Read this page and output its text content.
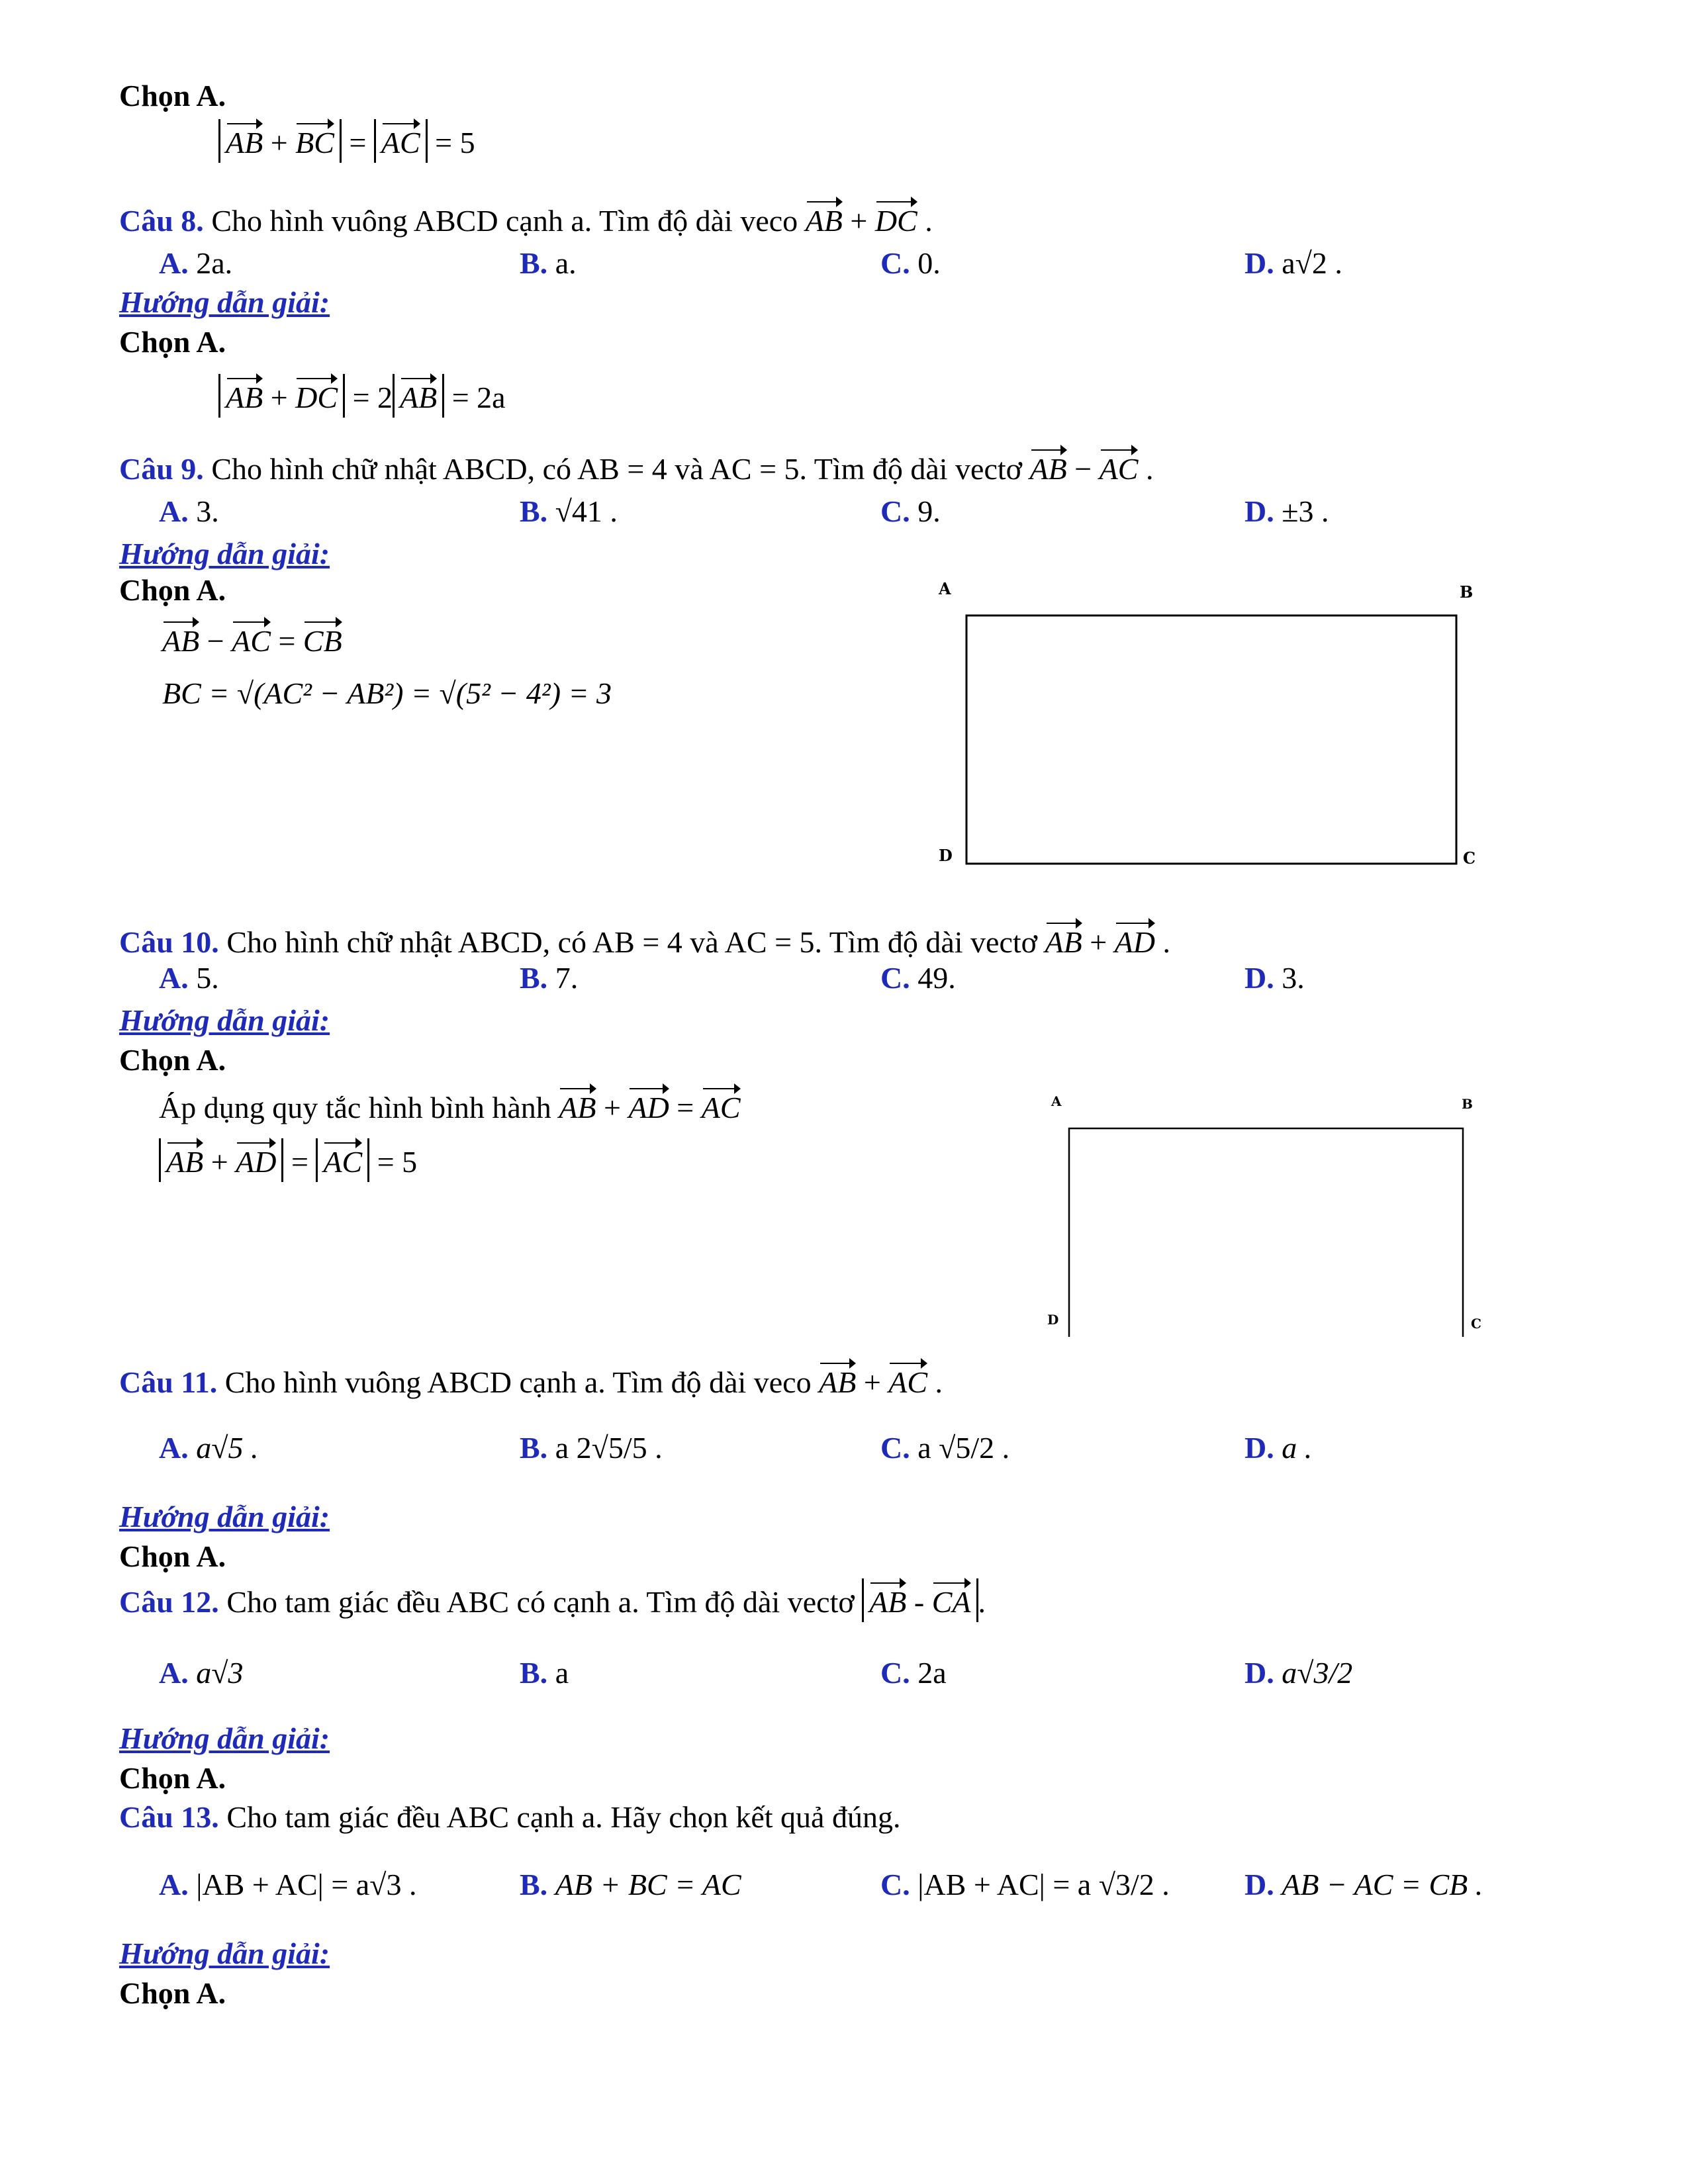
Chọn A.
AB + BC = AC = 5
Câu 8. Cho hình vuông ABCD cạnh a. Tìm độ dài veco AB + DC .
A. 2a.	B. a.	C. 0.	D. a√2 .
Hướng dẫn giải:
Chọn A.
AB + DC = 2 AB = 2a
Câu 9. Cho hình chữ nhật ABCD, có AB = 4 và AC = 5. Tìm độ dài vectơ AB − AC .
A. 3.	B. √41 .	C. 9.	D. ±3 .
Hướng dẫn giải:
Chọn A.
AB − AC = CB
BC = √(AC² − AB²) = √(5² − 4²) = 3
A	B
C
D
Câu 10. Cho hình chữ nhật ABCD, có AB = 4 và AC = 5. Tìm độ dài vectơ AB + AD .
A. 5.	B. 7.	C. 49.	D. 3.
Hướng dẫn giải:
Chọn A.
Áp dụng quy tắc hình bình hành AB + AD = AC
AB + AD = AC = 5
A	B
C
D
Câu 11. Cho hình vuông ABCD cạnh a. Tìm độ dài veco AB + AC .
A. a√5 .	B. a 2√5/5 .	C. a √5/2 .	D. a .
Hướng dẫn giải:
Chọn A.
Câu 12. Cho tam giác đều ABC có cạnh a. Tìm độ dài vectơ AB - CA .
A. a√3	B. a	C. 2a	D. a√3/2
Hướng dẫn giải:
Chọn A.
Câu 13. Cho tam giác đều ABC cạnh a. Hãy chọn kết quả đúng.
A. |AB + AC| = a√3 .	B. AB + BC = AC	C. |AB + AC| = a √3/2 . D. AB − AC = CB .
Hướng dẫn giải:
Chọn A.
